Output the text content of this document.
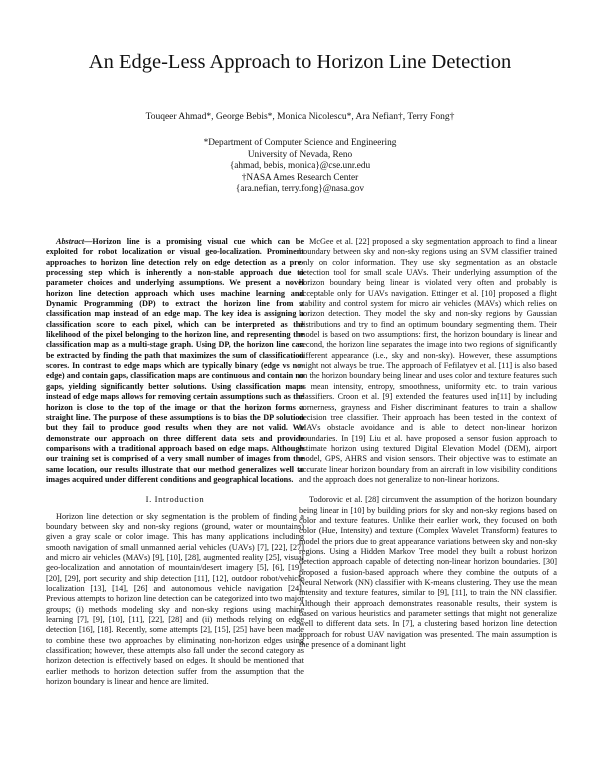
An Edge-Less Approach to Horizon Line Detection
Touqeer Ahmad*, George Bebis*, Monica Nicolescu*, Ara Nefian†, Terry Fong†
*Department of Computer Science and Engineering
University of Nevada, Reno
{ahmad, bebis, monica}@cse.unr.edu
†NASA Ames Research Center
{ara.nefian, terry.fong}@nasa.gov

Abstract—Horizon line is a promising visual cue which can be exploited for robot localization or visual geo-localization. Prominent approaches to horizon line detection rely on edge detection as a pre-processing step which is inherently a non-stable approach due to parameter choices and underlying assumptions. We present a novel horizon line detection approach which uses machine learning and Dynamic Programming (DP) to extract the horizon line from a classification map instead of an edge map. The key idea is assigning a classification score to each pixel, which can be interpreted as the likelihood of the pixel belonging to the horizon line, and representing the classification map as a multi-stage graph. Using DP, the horizon line can be extracted by finding the path that maximizes the sum of classification scores. In contrast to edge maps which are typically binary (edge vs no-edge) and contain gaps, classification maps are continuous and contain no gaps, yielding significantly better solutions. Using classification maps instead of edge maps allows for removing certain assumptions such as the horizon is close to the top of the image or that the horizon forms a straight line. The purpose of these assumptions is to bias the DP solution but they fail to produce good results when they are not valid. We demonstrate our approach on three different data sets and provide comparisons with a traditional approach based on edge maps. Although our training set is comprised of a very small number of images from the same location, our results illustrate that our method generalizes well to images acquired under different conditions and geographical locations.

I. Introduction

Horizon line detection or sky segmentation is the problem of finding a boundary between sky and non-sky regions (ground, water or mountains) given a gray scale or color image. This has many applications including smooth navigation of small unmanned aerial vehicles (UAVs) [7], [22], [27] and micro air vehicles (MAVs) [9], [10], [28], augmented reality [25], visual geo-localization and annotation of mountain/desert imagery [5], [6], [19], [20], [29], port security and ship detection [11], [12], outdoor robot/vehicle localization [13], [14], [26] and autonomous vehicle navigation [24]. Previous attempts to horizon line detection can be categorized into two major groups; (i) methods modeling sky and non-sky regions using machine learning [7], [9], [10], [11], [22], [28] and (ii) methods relying on edge detection [16], [18]. Recently, some attempts [2], [15], [25] have been made to combine these two approaches by eliminating non-horizon edges using classification; however, these attempts also fall under the second category as horizon detection is effectively based on edges. It should be mentioned that earlier methods to horizon detection suffer from the assumption that the horizon boundary is linear and hence are limited.

McGee et al. [22] proposed a sky segmentation approach to find a linear boundary between sky and non-sky regions using an SVM classifier trained only on color information. They use sky segmentation as an obstacle detection tool for small scale UAVs. Their underlying assumption of the horizon boundary being linear is violated very often and probably is acceptable only for UAVs navigation. Ettinger et al. [10] proposed a flight stability and control system for micro air vehicles (MAVs) which relies on horizon detection. They model the sky and non-sky regions by Gaussian distributions and try to find an optimum boundary segmenting them. Their model is based on two assumptions: first, the horizon boundary is linear and second, the horizon line separates the image into two regions of significantly different appearance (i.e., sky and non-sky). However, these assumptions might not always be true. The approach of Fefilatyev et al. [11] is also based on the horizon boundary being linear and uses color and texture features such as mean intensity, entropy, smoothness, uniformity etc. to train various classifiers. Croon et al. [9] extended the features used in[11] by including cornerness, grayness and Fisher discriminant features to train a shallow decision tree classifier. Their approach has been tested in the context of MAVs obstacle avoidance and is able to detect non-linear horizon boundaries. In [19] Liu et al. have proposed a sensor fusion approach to estimate horizon using textured Digital Elevation Model (DEM), airport model, GPS, AHRS and vision sensors. Their objective was to estimate an accurate linear horizon boundary from an aircraft in low visibility conditions and the approach does not generalize to non-linear horizons.

Todorovic et al. [28] circumvent the assumption of the horizon boundary being linear in [10] by building priors for sky and non-sky regions based on color and texture features. Unlike their earlier work, they focused on both color (Hue, Intensity) and texture (Complex Wavelet Transform) features to model the priors due to great appearance variations between sky and non-sky regions. Using a Hidden Markov Tree model they built a robust horizon detection approach capable of detecting non-linear horizon boundaries. [30] proposed a fusion-based approach where they combine the outputs of a Neural Network (NN) classifier with K-means clustering. They use the mean intensity and texture features, similar to [9], [11], to train the NN classifier. Although their approach demonstrates reasonable results, their system is based on various heuristics and parameter settings that might not generalize well to different data sets. In [7], a clustering based horizon line detection approach for robust UAV navigation was presented. The main assumption is the presence of a dominant light
